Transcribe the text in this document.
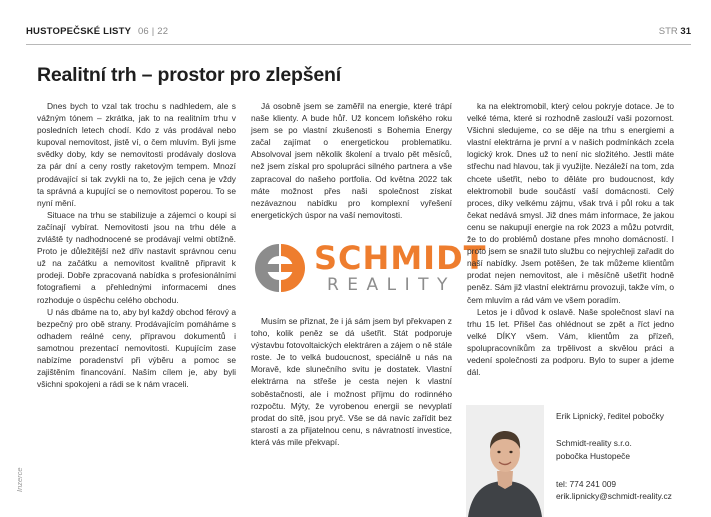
HUSTOPEČSKÉ LISTY 06 | 22	STR 31
Realitní trh – prostor pro zlepšení

Dnes bych to vzal tak trochu s nadhledem, ale s vážným tónem – zkrátka, jak to na realitním trhu v posledních letech chodí. Kdo z vás prodával nebo kupoval nemovitost, jistě ví, o čem mluvím. Byli jsme svědky doby, kdy se nemovitosti prodávaly doslova za pár dní a ceny rostly raketovým tempem. Mnozí prodávající si tak zvykli na to, že jejich cena je vždy ta správná a kupující se o nemovitost poperou. To se nyní mění.

Situace na trhu se stabilizuje a zájemci o koupi si začínají vybírat. Nemovitosti jsou na trhu déle a zvláště ty nadhodnocené se prodávají velmi obtížně. Proto je důležitější než dřív nastavit správnou cenu už na začátku a nemovitost kvalitně připravit k prodeji. Dobře zpracovaná nabídka s profesionálními fotografiemi a přehlednými informacemi dnes rozhoduje o úspěchu celého obchodu.

U nás dbáme na to, aby byl každý obchod férový a bezpečný pro obě strany. Prodávajícím pomáháme s odhadem reálné ceny, přípravou dokumentů i samotnou prezentací nemovitosti. Kupujícím zase nabízíme poradenství při výběru a pomoc se zajištěním financování. Naším cílem je, aby byli všichni spokojeni a rádi se k nám vraceli.

Já osobně jsem se zaměřil na energie, které trápí naše klienty. A bude hůř. Už koncem loňského roku jsem se po vlastní zkušenosti s Bohemia Energy začal zajímat o energetickou problematiku. Absolvoval jsem několik školení a trvalo pět měsíců, než jsem získal pro spolupráci silného partnera a vše zapracoval do našeho portfolia. Od května 2022 tak máte možnost přes naši společnost získat nezávaznou nabídku pro komplexní vyřešení energetických úspor na vaší nemovitosti.

SCHMIDT
REALITY

Musím se přiznat, že i já sám jsem byl překvapen z toho, kolik peněz se dá ušetřit. Stát podporuje výstavbu fotovoltaických elektráren a zájem o ně stále roste. Je to velká budoucnost, speciálně u nás na Moravě, kde slunečního svitu je dostatek. Vlastní elektrárna na střeše je cesta nejen k vlastní soběstačnosti, ale i možnost příjmu do rodinného rozpočtu. Mýty, že vyrobenou energii se nevyplatí prodat do sítě, jsou pryč. Vše se dá navíc zařídit bez starostí a za přijatelnou cenu, s návratností investice, která vás mile překvapí.

ka na elektromobil, který celou pokryje dotace. Je to velké téma, které si rozhodně zaslouží vaši pozornost. Všichni sledujeme, co se děje na trhu s energiemi a vlastní elektrárna je první a v našich podmínkách zcela logický krok. Dnes už to není nic složitého. Jestli máte střechu nad hlavou, tak ji využijte. Nezáleží na tom, zda chcete ušetřit, nebo to děláte pro budoucnost, kdy elektromobil bude součástí vaší domácnosti. Celý proces, díky velkému zájmu, však trvá i půl roku a tak čekat nedává smysl. Již dnes mám informace, že jakou cenu se nakupují energie na rok 2023 a můžu potvrdit, že to do problémů dostane přes mnoho domácností. I proto jsem se snažil tuto službu co nejrychleji zařadit do naší nabídky. Jsem potěšen, že tak můžeme klientům prodat nejen nemovitost, ale i měsíčně ušetřit hodně peněz. Sám již vlastní elektrárnu provozuji, takže vím, o čem mluvím a rád vám ve všem poradím.

Letos je i důvod k oslavě. Naše společnost slaví na trhu 15 let. Přišel čas ohlédnout se zpět a říct jedno velké DÍKY všem. Vám, klientům za přízeň, spolupracovníkům za trpělivost a skvělou práci a vedení společnosti za podporu. Bylo to super a jdeme dál.

Erik Lipnický, ředitel pobočky
Schmidt-reality s.r.o.
pobočka Hustopeče
tel: 774 241 009
erik.lipnicky@schmidt-reality.cz
Inzerce
